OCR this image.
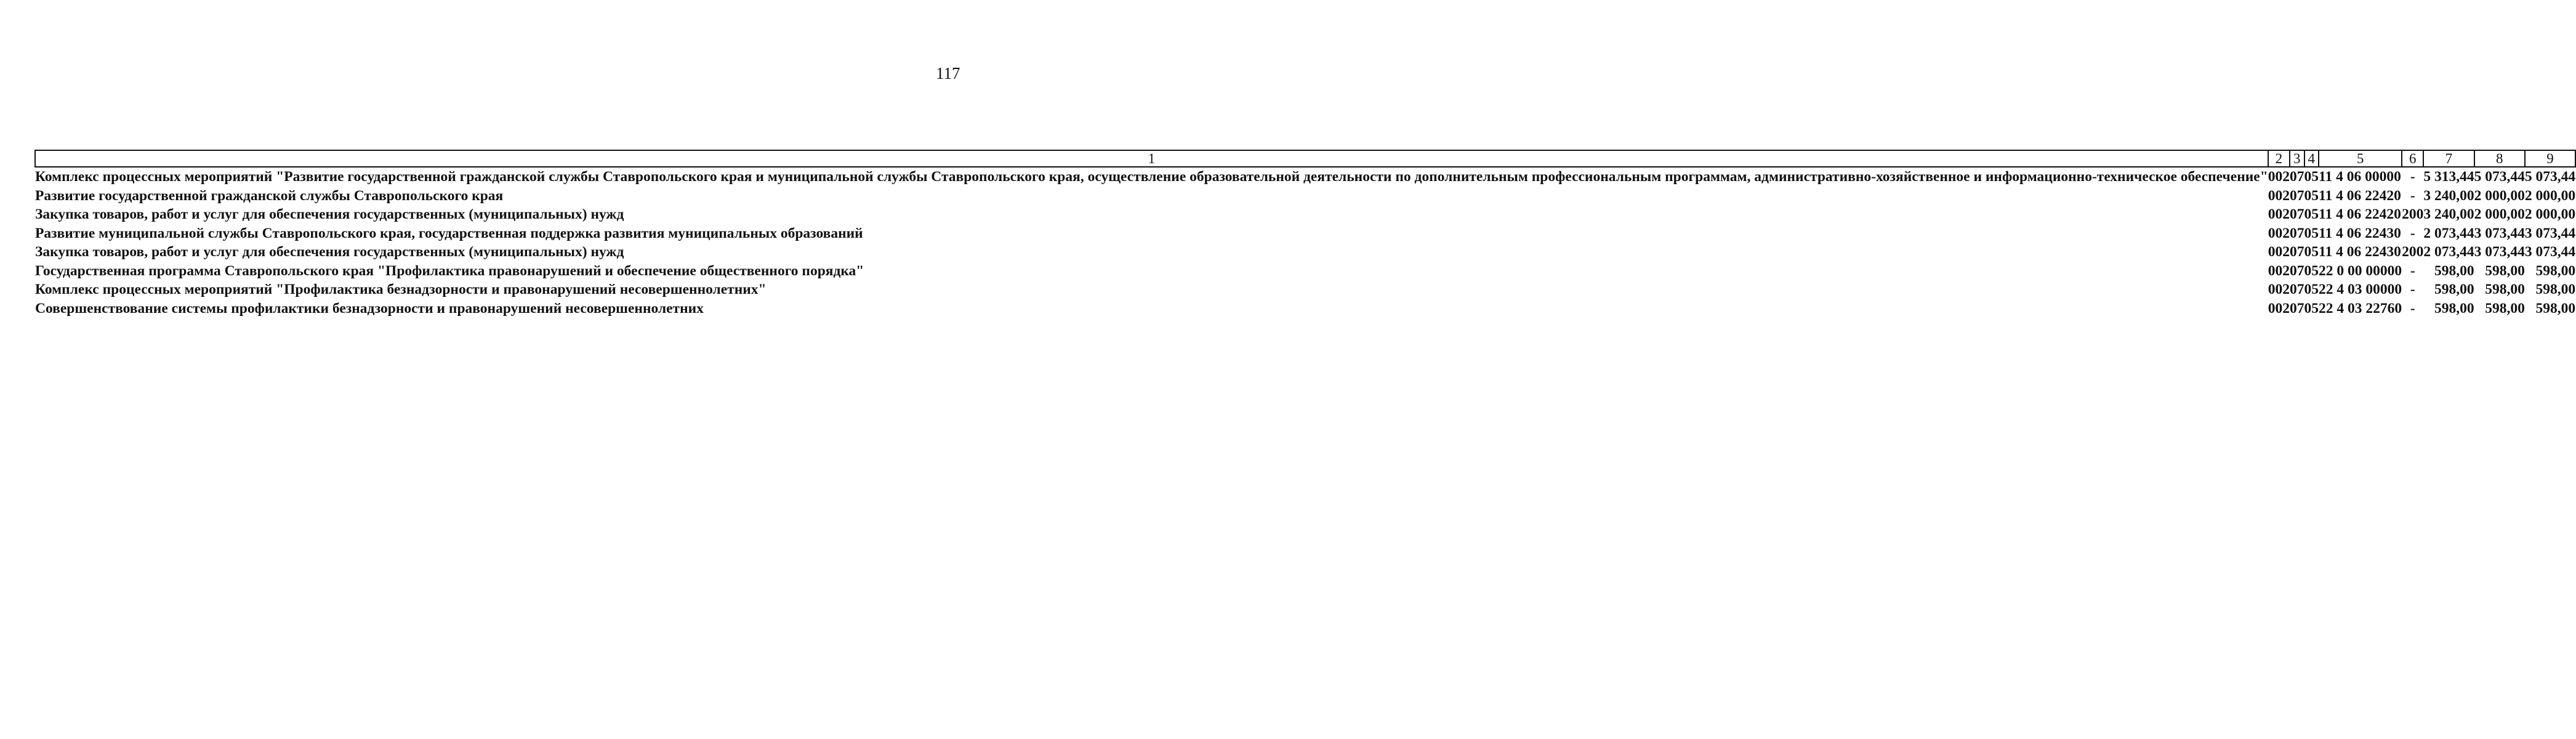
117
1	2	3	4	5	6	7	8	9
Комплекс процессных мероприятий "Развитие государственной гражданской службы Ставропольского края и муниципальной службы Ставропольского края, осуществление образовательной деятельности по дополнительным профессиональным программам, административно-хозяйственное и информационно-техническое обеспечение"	002	07	05	11 4 06 00000	-	5 313,44	5 073,44	5 073,44
Развитие государственной гражданской службы Ставропольского края	002	07	05	11 4 06 22420	-	3 240,00	2 000,00	2 000,00
Закупка товаров, работ и услуг для обеспечения государственных (муниципальных) нужд	002	07	05	11 4 06 22420	200	3 240,00	2 000,00	2 000,00
Развитие муниципальной службы Ставропольского края, государственная поддержка развития муниципальных образований	002	07	05	11 4 06 22430	-	2 073,44	3 073,44	3 073,44
Закупка товаров, работ и услуг для обеспечения государственных (муниципальных) нужд	002	07	05	11 4 06 22430	200	2 073,44	3 073,44	3 073,44
Государственная программа Ставропольского края "Профилактика правонарушений и обеспечение общественного порядка"	002	07	05	22 0 00 00000	-	598,00	598,00	598,00
Комплекс процессных мероприятий "Профилактика безнадзорности и правонарушений несовершеннолетних"	002	07	05	22 4 03 00000	-	598,00	598,00	598,00
Совершенствование системы профилактики безнадзорности и правонарушений несовершеннолетних	002	07	05	22 4 03 22760	-	598,00	598,00	598,00
